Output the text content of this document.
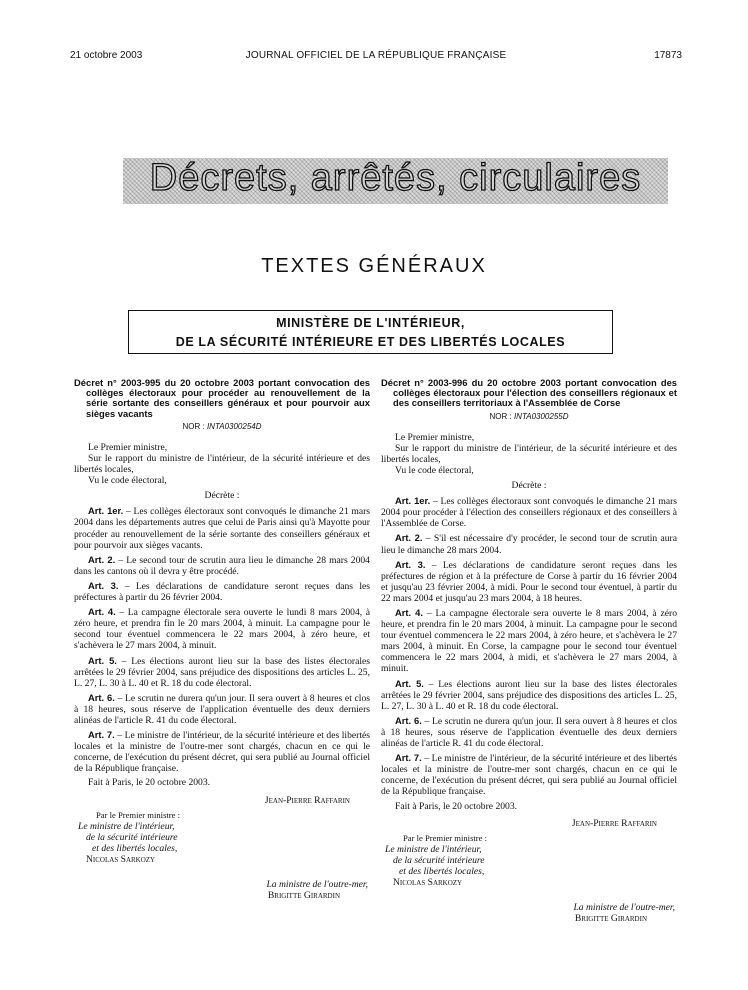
21 octobre 2003	JOURNAL OFFICIEL DE LA RÉPUBLIQUE FRANÇAISE	17873
Décrets, arrêtés, circulaires
TEXTES GÉNÉRAUX
MINISTÈRE DE L'INTÉRIEUR,
DE LA SÉCURITÉ INTÉRIEURE ET DES LIBERTÉS LOCALES
Décret n° 2003-995 du 20 octobre 2003 portant convocation des collèges électoraux pour procéder au renouvellement de la série sortante des conseillers généraux et pour pourvoir aux sièges vacants
NOR : INTA0300254D

Le Premier ministre,

Sur le rapport du ministre de l'intérieur, de la sécurité intérieure et des libertés locales,

Vu le code électoral,

Décrète :

Art. 1er. – Les collèges électoraux sont convoqués le dimanche 21 mars 2004 dans les départements autres que celui de Paris ainsi qu'à Mayotte pour procéder au renouvellement de la série sortante des conseillers généraux et pour pourvoir aux sièges vacants.

Art. 2. – Le second tour de scrutin aura lieu le dimanche 28 mars 2004 dans les cantons où il devra y être procédé.

Art. 3. – Les déclarations de candidature seront reçues dans les préfectures à partir du 26 février 2004.

Art. 4. – La campagne électorale sera ouverte le lundi 8 mars 2004, à zéro heure, et prendra fin le 20 mars 2004, à minuit. La campagne pour le second tour éventuel commencera le 22 mars 2004, à zéro heure, et s'achèvera le 27 mars 2004, à minuit.

Art. 5. – Les élections auront lieu sur la base des listes électorales arrêtées le 29 février 2004, sans préjudice des dispositions des articles L. 25, L. 27, L. 30 à L. 40 et R. 18 du code électoral.

Art. 6. – Le scrutin ne durera qu'un jour. Il sera ouvert à 8 heures et clos à 18 heures, sous réserve de l'application éventuelle des deux derniers alinéas de l'article R. 41 du code électoral.

Art. 7. – Le ministre de l'intérieur, de la sécurité intérieure et des libertés locales et la ministre de l'outre-mer sont chargés, chacun en ce qui le concerne, de l'exécution du présent décret, qui sera publié au Journal officiel de la République française.

Fait à Paris, le 20 octobre 2003.

Jean-Pierre Raffarin

Par le Premier ministre :

Le ministre de l'intérieur,
de la sécurité intérieure
et des libertés locales,

Nicolas Sarkozy

La ministre de l'outre-mer,

Brigitte Girardin

Décret n° 2003-996 du 20 octobre 2003 portant convocation des collèges électoraux pour l'élection des conseillers régionaux et des conseillers territoriaux à l'Assemblée de Corse
NOR : INTA0300255D

Le Premier ministre,

Sur le rapport du ministre de l'intérieur, de la sécurité intérieure et des libertés locales,

Vu le code électoral,

Décrète :

Art. 1er. – Les collèges électoraux sont convoqués le dimanche 21 mars 2004 pour procéder à l'élection des conseillers régionaux et des conseillers à l'Assemblée de Corse.

Art. 2. – S'il est nécessaire d'y procéder, le second tour de scrutin aura lieu le dimanche 28 mars 2004.

Art. 3. – Les déclarations de candidature seront reçues dans les préfectures de région et à la préfecture de Corse à partir du 16 février 2004 et jusqu'au 23 février 2004, à midi. Pour le second tour éventuel, à partir du 22 mars 2004 et jusqu'au 23 mars 2004, à 18 heures.

Art. 4. – La campagne électorale sera ouverte le 8 mars 2004, à zéro heure, et prendra fin le 20 mars 2004, à minuit. La campagne pour le second tour éventuel commencera le 22 mars 2004, à zéro heure, et s'achèvera le 27 mars 2004, à minuit. En Corse, la campagne pour le second tour éventuel commencera le 22 mars 2004, à midi, et s'achèvera le 27 mars 2004, à minuit.

Art. 5. – Les élections auront lieu sur la base des listes électorales arrêtées le 29 février 2004, sans préjudice des dispositions des articles L. 25, L. 27, L. 30 à L. 40 et R. 18 du code électoral.

Art. 6. – Le scrutin ne durera qu'un jour. Il sera ouvert à 8 heures et clos à 18 heures, sous réserve de l'application éventuelle des deux derniers alinéas de l'article R. 41 du code électoral.

Art. 7. – Le ministre de l'intérieur, de la sécurité intérieure et des libertés locales et la ministre de l'outre-mer sont chargés, chacun en ce qui le concerne, de l'exécution du présent décret, qui sera publié au Journal officiel de la République française.

Fait à Paris, le 20 octobre 2003.

Jean-Pierre Raffarin

Par le Premier ministre :

Le ministre de l'intérieur,
de la sécurité intérieure
et des libertés locales,

Nicolas Sarkozy

La ministre de l'outre-mer,

Brigitte Girardin
